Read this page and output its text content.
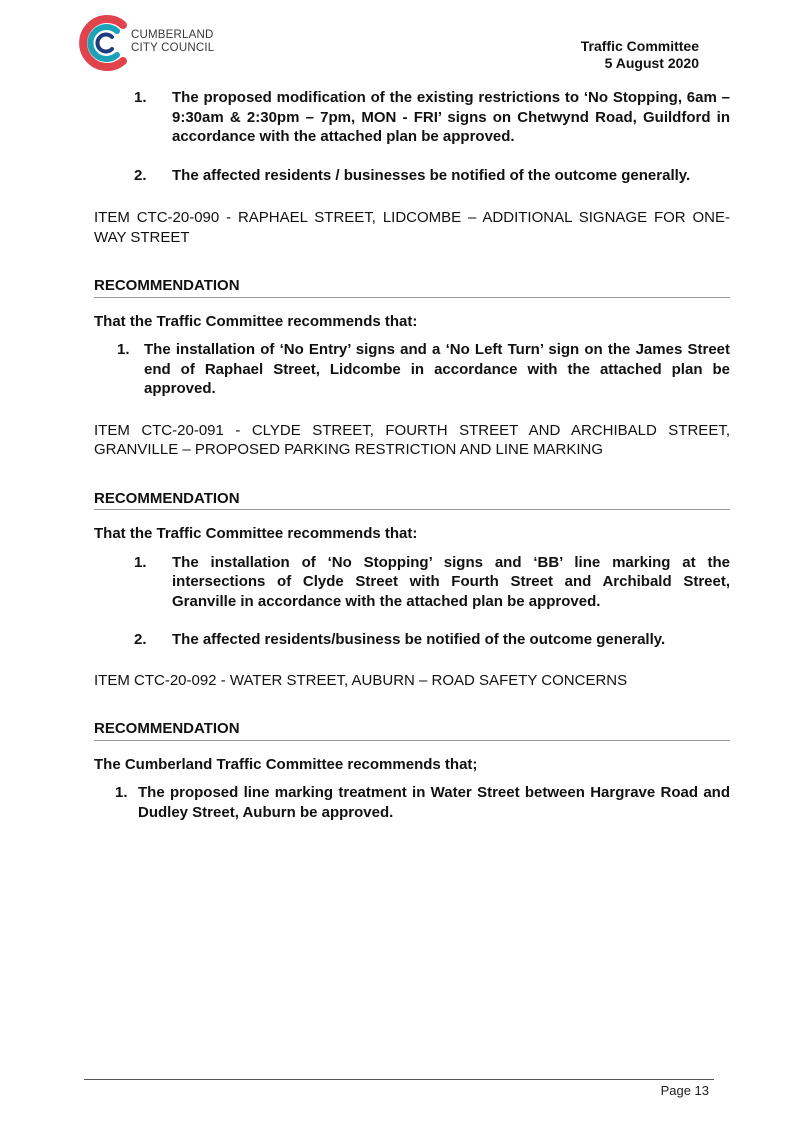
CUMBERLAND
CITY COUNCIL	Traffic Committee
5 August 2020
1.	The proposed modification of the existing restrictions to ‘No Stopping, 6am – 9:30am & 2:30pm – 7pm, MON - FRI’ signs on Chetwynd Road, Guildford in accordance with the attached plan be approved.
2.	The affected residents / businesses be notified of the outcome generally.
ITEM CTC-20-090 - RAPHAEL STREET, LIDCOMBE – ADDITIONAL SIGNAGE FOR ONE-WAY STREET
RECOMMENDATION
That the Traffic Committee recommends that:
1. The installation of ‘No Entry’ signs and a ‘No Left Turn’ sign on the James Street end of Raphael Street, Lidcombe in accordance with the attached plan be approved.
ITEM CTC-20-091 - CLYDE STREET, FOURTH STREET AND ARCHIBALD STREET, GRANVILLE – PROPOSED PARKING RESTRICTION AND LINE MARKING
RECOMMENDATION
That the Traffic Committee recommends that:
1.	The installation of ‘No Stopping’ signs and ‘BB’ line marking at the intersections of Clyde Street with Fourth Street and Archibald Street, Granville in accordance with the attached plan be approved.
2.	The affected residents/business be notified of the outcome generally.
ITEM CTC-20-092 - WATER STREET, AUBURN – ROAD SAFETY CONCERNS
RECOMMENDATION
The Cumberland Traffic Committee recommends that;
1. The proposed line marking treatment in Water Street between Hargrave Road and Dudley Street, Auburn be approved.
Page 13
